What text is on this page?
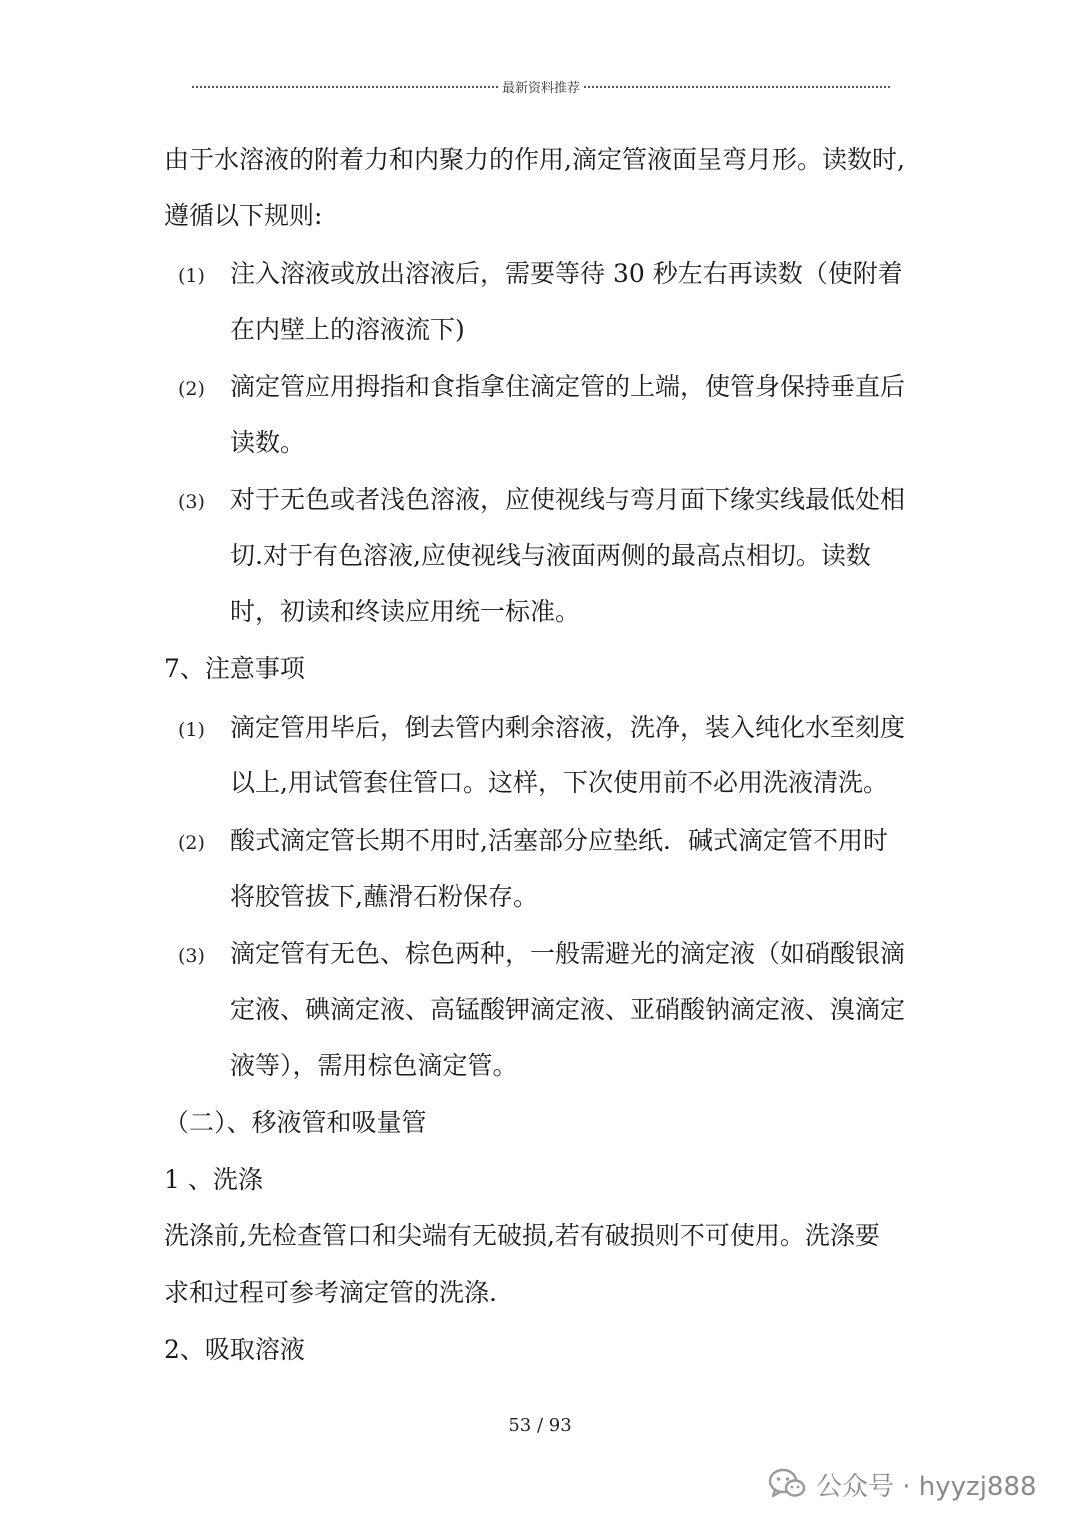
最新资料推荐
由于水溶液的附着力和内聚力的作用,滴定管液面呈弯月形。读数时,
遵循以下规则:
(1) 注入溶液或放出溶液后，需要等待 30 秒左右再读数（使附着
在内壁上的溶液流下)
(2) 滴定管应用拇指和食指拿住滴定管的上端，使管身保持垂直后
读数。
(3) 对于无色或者浅色溶液，应使视线与弯月面下缘实线最低处相
切.对于有色溶液,应使视线与液面两侧的最高点相切。读数
时，初读和终读应用统一标准。
7、注意事项
(1) 滴定管用毕后，倒去管内剩余溶液，洗净，装入纯化水至刻度
以上,用试管套住管口。这样，下次使用前不必用洗液清洗。
(2) 酸式滴定管长期不用时,活塞部分应垫纸．碱式滴定管不用时
将胶管拔下,蘸滑石粉保存。
(3) 滴定管有无色、棕色两种，一般需避光的滴定液（如硝酸银滴
定液、碘滴定液、高锰酸钾滴定液、亚硝酸钠滴定液、溴滴定
液等），需用棕色滴定管。
（二）、移液管和吸量管
1 、洗涤
洗涤前,先检查管口和尖端有无破损,若有破损则不可使用。洗涤要
求和过程可参考滴定管的洗涤.
2、吸取溶液
53 / 93
公众号 · hyyzj888
